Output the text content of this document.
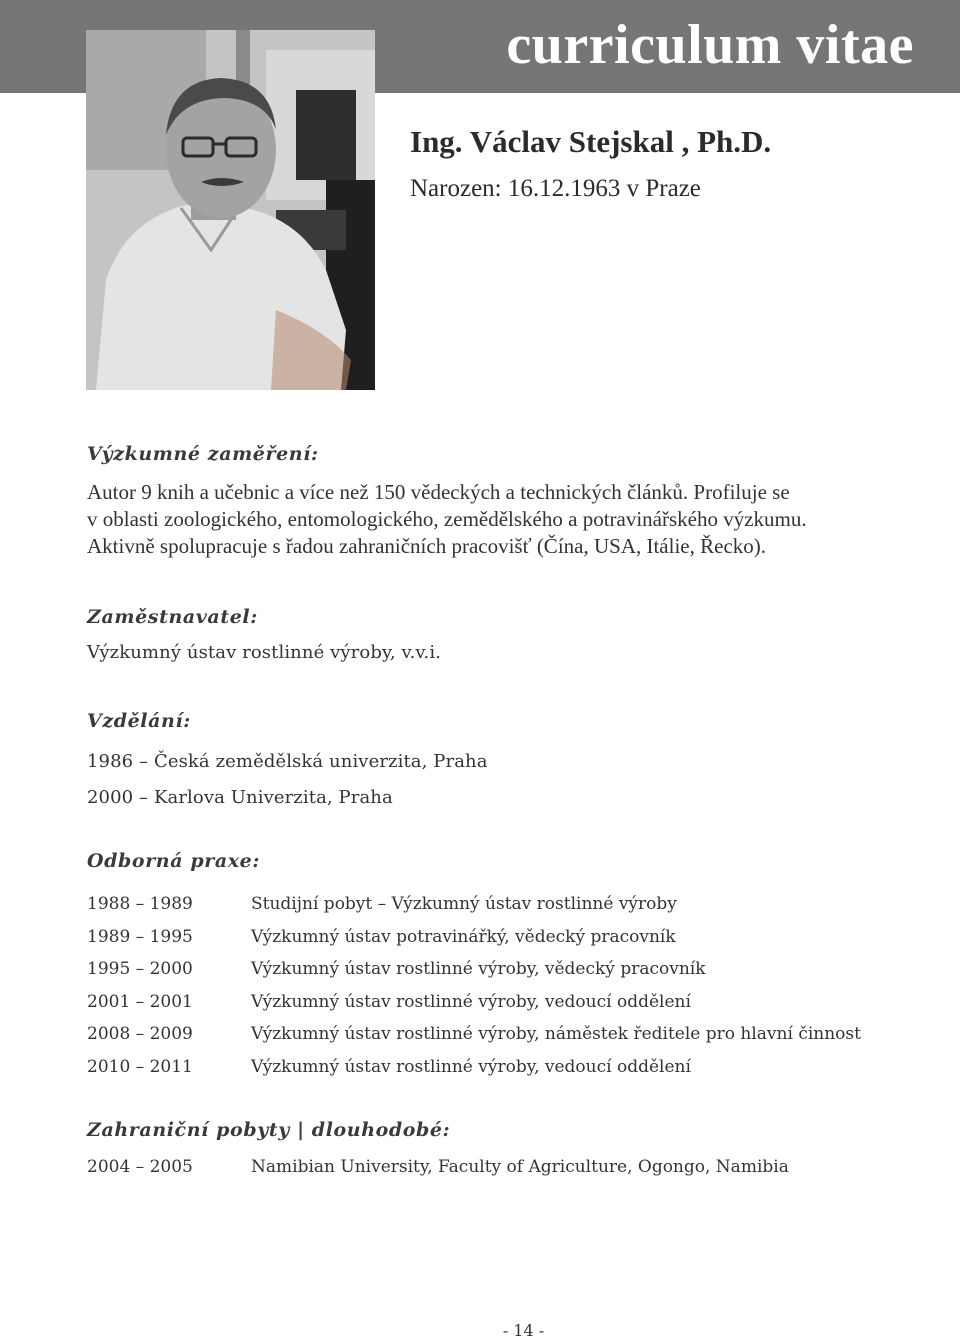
curriculum vitae
Ing. Václav Stejskal , Ph.D.
Narozen: 16.12.1963 v Praze
Výzkumné zaměření:
Autor 9 knih a učebnic a více než 150 vědeckých a technických článků. Profiluje se
v oblasti zoologického, entomologického, zemědělského a potravinářského výzkumu.
Aktivně spolupracuje s řadou zahraničních pracovišť (Čína, USA, Itálie, Řecko).
Zaměstnavatel:
Výzkumný ústav rostlinné výroby, v.v.i.
Vzdělání:
1986 – Česká zemědělská univerzita, Praha
2000 – Karlova Univerzita, Praha
Odborná praxe:
1988 – 1989	Studijní pobyt – Výzkumný ústav rostlinné výroby
1989 – 1995	Výzkumný ústav potravinářký, vědecký pracovník
1995 – 2000	Výzkumný ústav rostlinné výroby, vědecký pracovník
2001 – 2001	Výzkumný ústav rostlinné výroby, vedoucí oddělení
2008 – 2009	Výzkumný ústav rostlinné výroby, náměstek ředitele pro hlavní činnost
2010 – 2011	Výzkumný ústav rostlinné výroby, vedoucí oddělení
Zahraniční pobyty | dlouhodobé:
2004 – 2005	Namibian University, Faculty of Agriculture, Ogongo, Namibia
- 14 -
